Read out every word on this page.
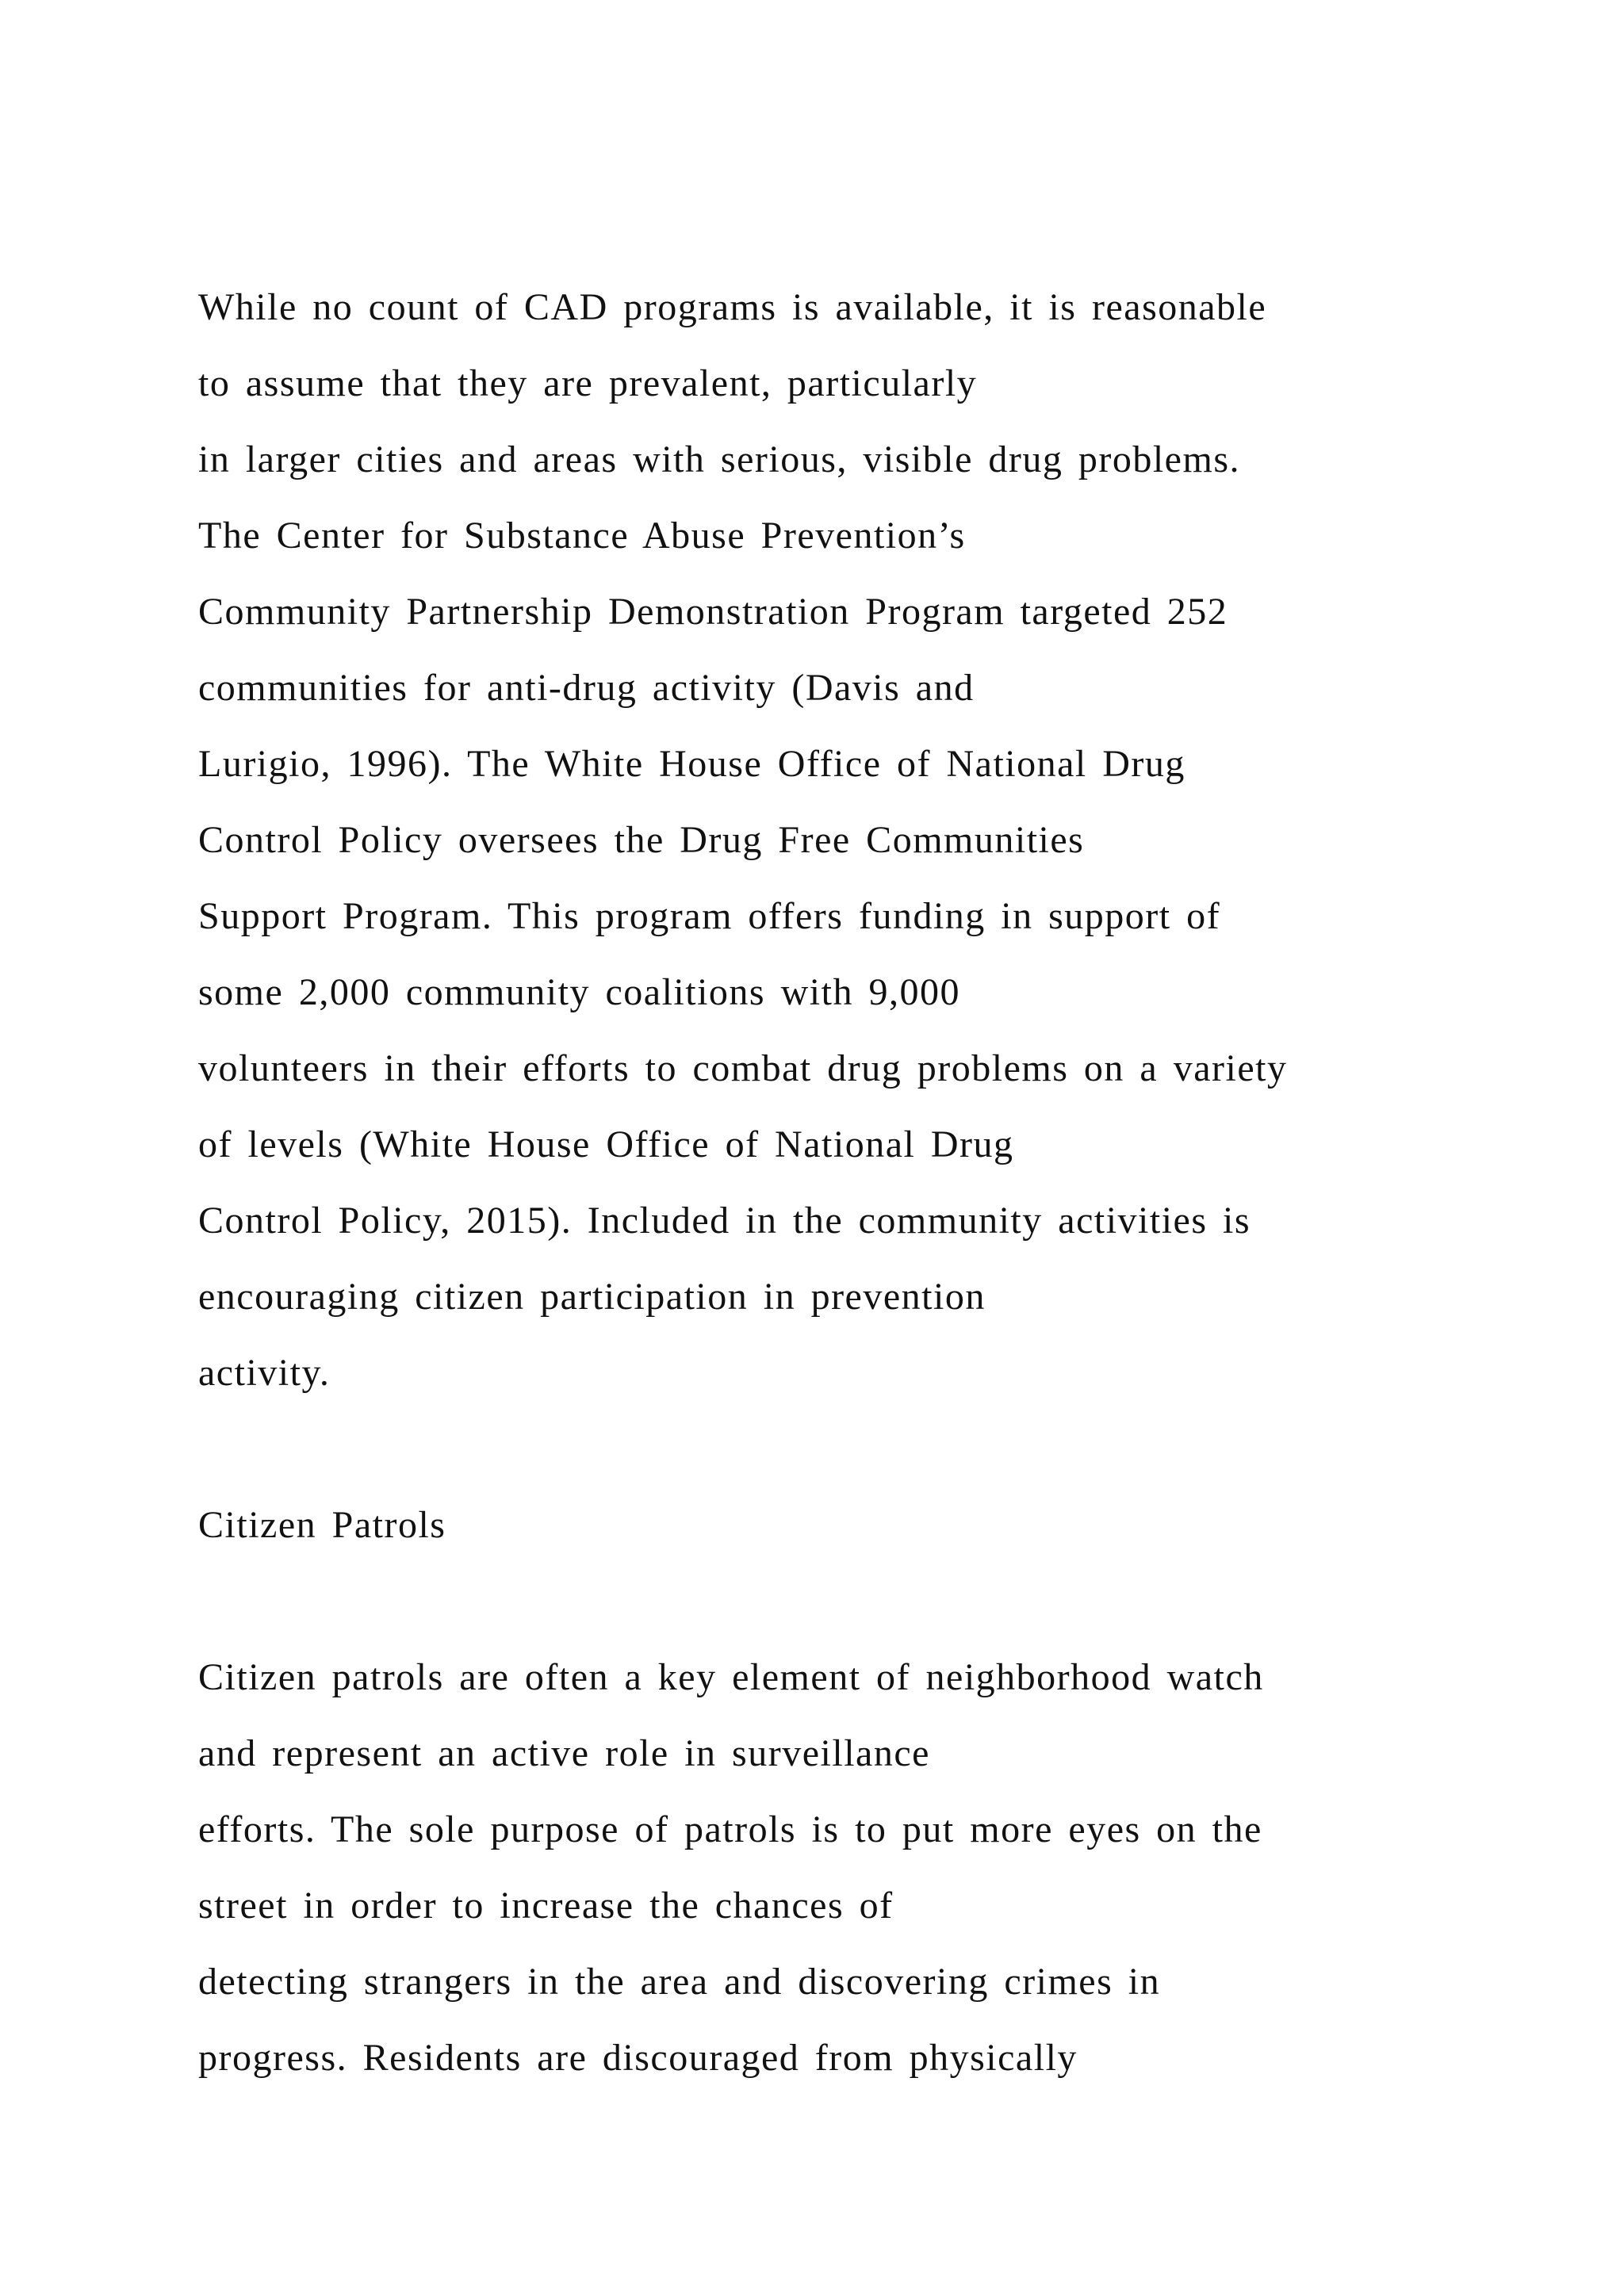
While no count of CAD programs is available, it is reasonable
to assume that they are prevalent, particularly
in larger cities and areas with serious, visible drug problems.
The Center for Substance Abuse Prevention’s
Community Partnership Demonstration Program targeted 252
communities for anti-drug activity (Davis and
Lurigio, 1996). The White House Office of National Drug
Control Policy oversees the Drug Free Communities
Support Program. This program offers funding in support of
some 2,000 community coalitions with 9,000
volunteers in their efforts to combat drug problems on a variety
of levels (White House Office of National Drug
Control Policy, 2015). Included in the community activities is
encouraging citizen participation in prevention
activity.
Citizen Patrols
Citizen patrols are often a key element of neighborhood watch
and represent an active role in surveillance
efforts. The sole purpose of patrols is to put more eyes on the
street in order to increase the chances of
detecting strangers in the area and discovering crimes in
progress. Residents are discouraged from physically
